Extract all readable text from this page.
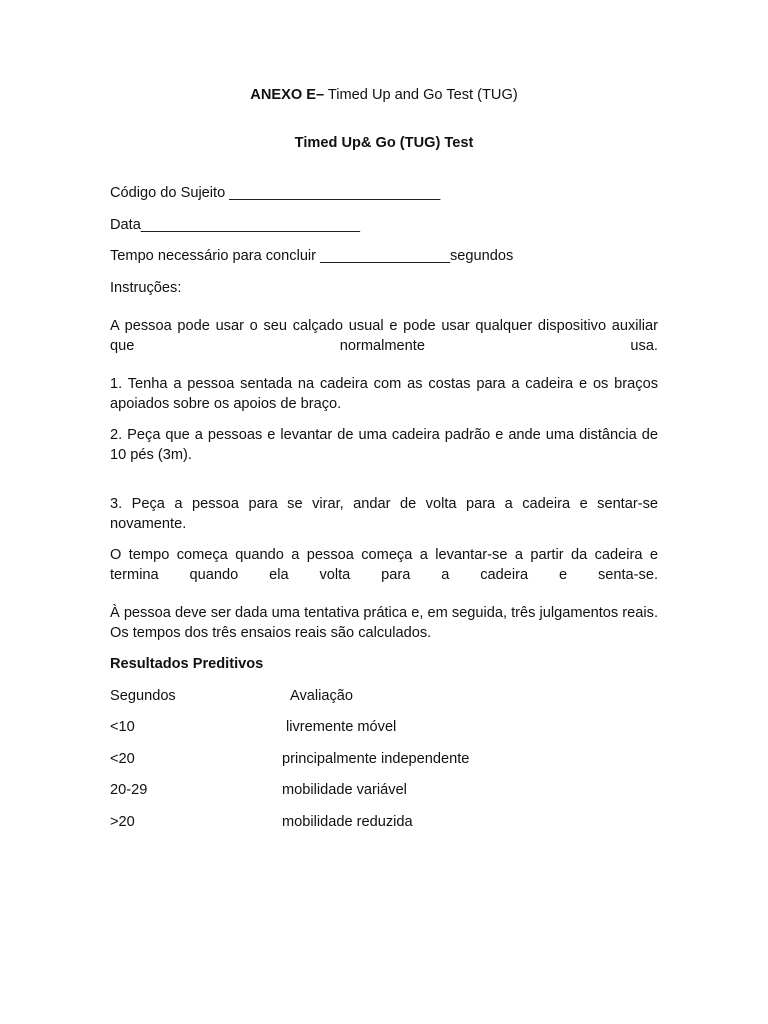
ANEXO E– Timed Up and Go Test (TUG)
Timed Up& Go (TUG) Test
Código do Sujeito __________________________
Data___________________________
Tempo necessário para concluir ________________segundos
Instruções:
A pessoa pode usar o seu calçado usual e pode usar qualquer dispositivo auxiliar que normalmente usa.
1. Tenha a pessoa sentada na cadeira com as costas para a cadeira e os braços apoiados sobre os apoios de braço.
2. Peça que a pessoas e levantar de uma cadeira padrão e ande uma distância de 10 pés (3m).
3. Peça a pessoa para se virar, andar de volta para a cadeira e sentar-se novamente.
O tempo começa quando a pessoa começa a levantar-se a partir da cadeira e termina quando ela volta para a cadeira e senta-se.
À pessoa deve ser dada uma tentativa prática e, em seguida, três julgamentos reais. Os tempos dos três ensaios reais são calculados.
Resultados Preditivos
Segundos	Avaliação
<10	livremente móvel
<20	principalmente independente
20-29	mobilidade variável
>20	mobilidade reduzida
